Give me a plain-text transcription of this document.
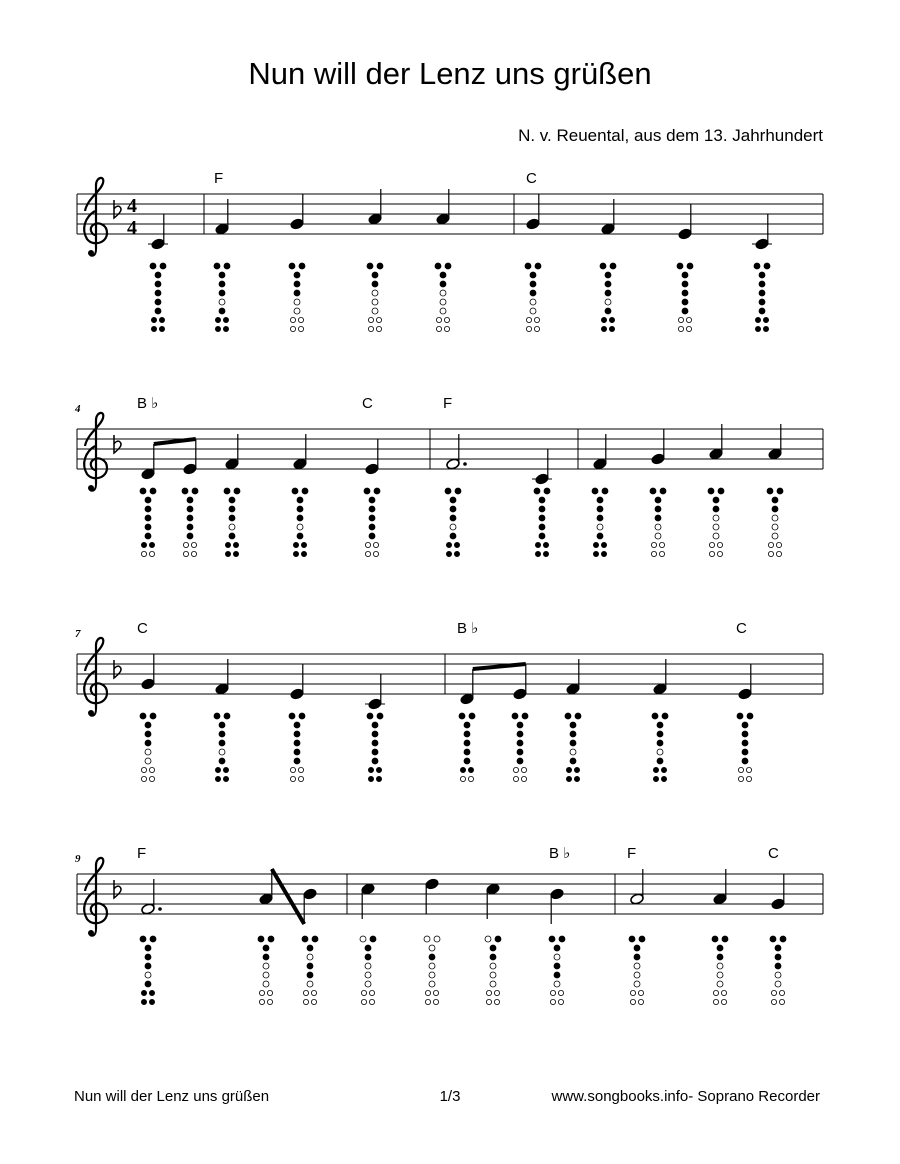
Nun will der Lenz uns grüßen
N. v. Reuental, aus dem 13. Jahrhundert
4
4
F	C
4	B ♭	C	F
7	C	B ♭	C
9	F	B ♭	F	C
Nun will der Lenz uns grüßen	1/3	www.songbooks.info- Soprano Recorder
